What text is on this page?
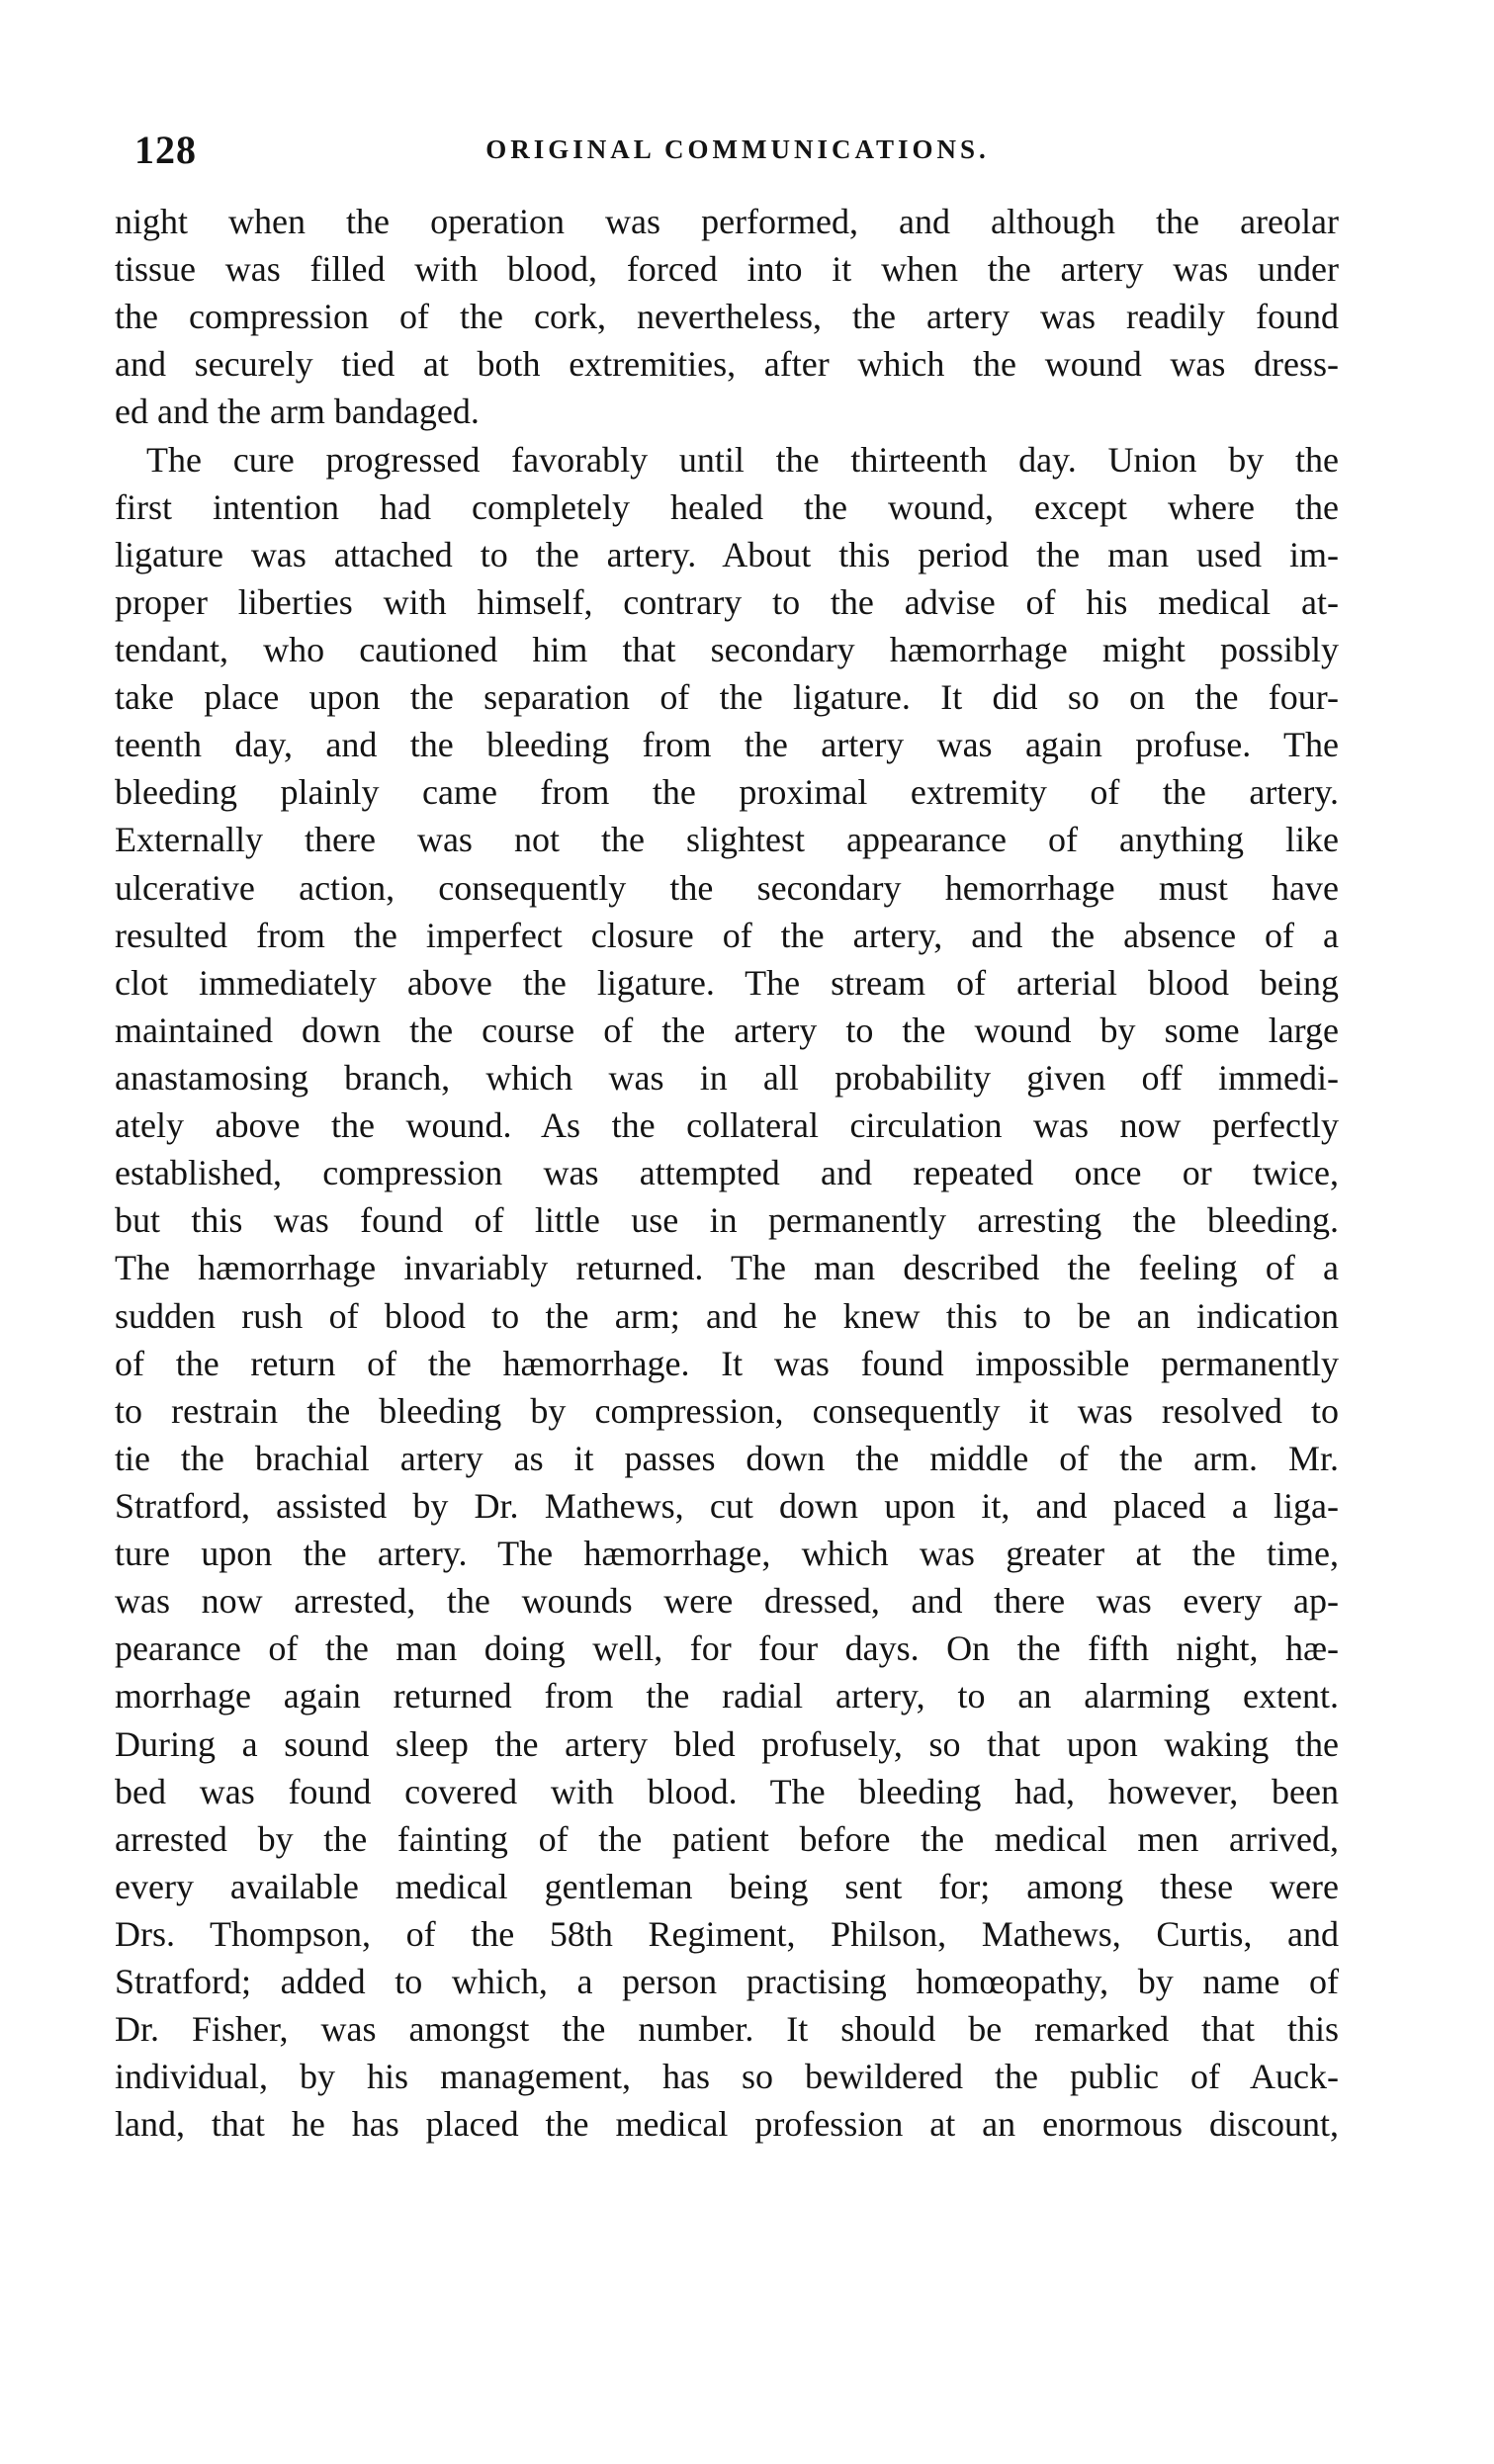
128	ORIGINAL COMMUNICATIONS.
night when the operation was performed, and although the areolar
tissue was filled with blood, forced into it when the artery was under
the compression of the cork, nevertheless, the artery was readily found
and securely tied at both extremities, after which the wound was dress-
ed and the arm bandaged.
The cure progressed favorably until the thirteenth day. Union by the
first intention had completely healed the wound, except where the
ligature was attached to the artery. About this period the man used im-
proper liberties with himself, contrary to the advise of his medical at-
tendant, who cautioned him that secondary hæmorrhage might possibly
take place upon the separation of the ligature. It did so on the four-
teenth day, and the bleeding from the artery was again profuse. The
bleeding plainly came from the proximal extremity of the artery.
Externally there was not the slightest appearance of anything like
ulcerative action, consequently the secondary hemorrhage must have
resulted from the imperfect closure of the artery, and the absence of a
clot immediately above the ligature. The stream of arterial blood being
maintained down the course of the artery to the wound by some large
anastamosing branch, which was in all probability given off immedi-
ately above the wound. As the collateral circulation was now perfectly
established, compression was attempted and repeated once or twice,
but this was found of little use in permanently arresting the bleeding.
The hæmorrhage invariably returned. The man described the feeling of a
sudden rush of blood to the arm; and he knew this to be an indication
of the return of the hæmorrhage. It was found impossible permanently
to restrain the bleeding by compression, consequently it was resolved to
tie the brachial artery as it passes down the middle of the arm. Mr.
Stratford, assisted by Dr. Mathews, cut down upon it, and placed a liga-
ture upon the artery. The hæmorrhage, which was greater at the time,
was now arrested, the wounds were dressed, and there was every ap-
pearance of the man doing well, for four days. On the fifth night, hæ-
morrhage again returned from the radial artery, to an alarming extent.
During a sound sleep the artery bled profusely, so that upon waking the
bed was found covered with blood. The bleeding had, however, been
arrested by the fainting of the patient before the medical men arrived,
every available medical gentleman being sent for; among these were
Drs. Thompson, of the 58th Regiment, Philson, Mathews, Curtis, and
Stratford; added to which, a person practising homœopathy, by name of
Dr. Fisher, was amongst the number. It should be remarked that this
individual, by his management, has so bewildered the public of Auck-
land, that he has placed the medical profession at an enormous discount,
